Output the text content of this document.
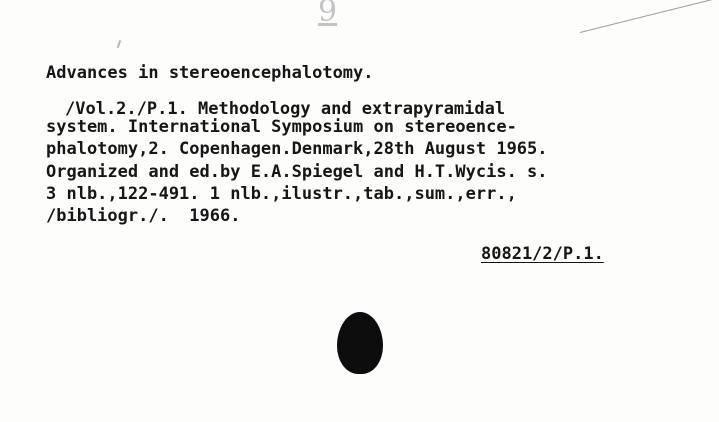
9
Advances in stereoencephalotomy.
/Vol.2./P.1. Methodology and extrapyramidal
system. International Symposium on stereoence-
phalotomy,2. Copenhagen.Denmark,28th August 1965.
Organized and ed.by E.A.Spiegel and H.T.Wycis. s.
3 nlb.,122-491. 1 nlb.,ilustr.,tab.,sum.,err.,
/bibliogr./.  1966.
80821/2/P.1.
